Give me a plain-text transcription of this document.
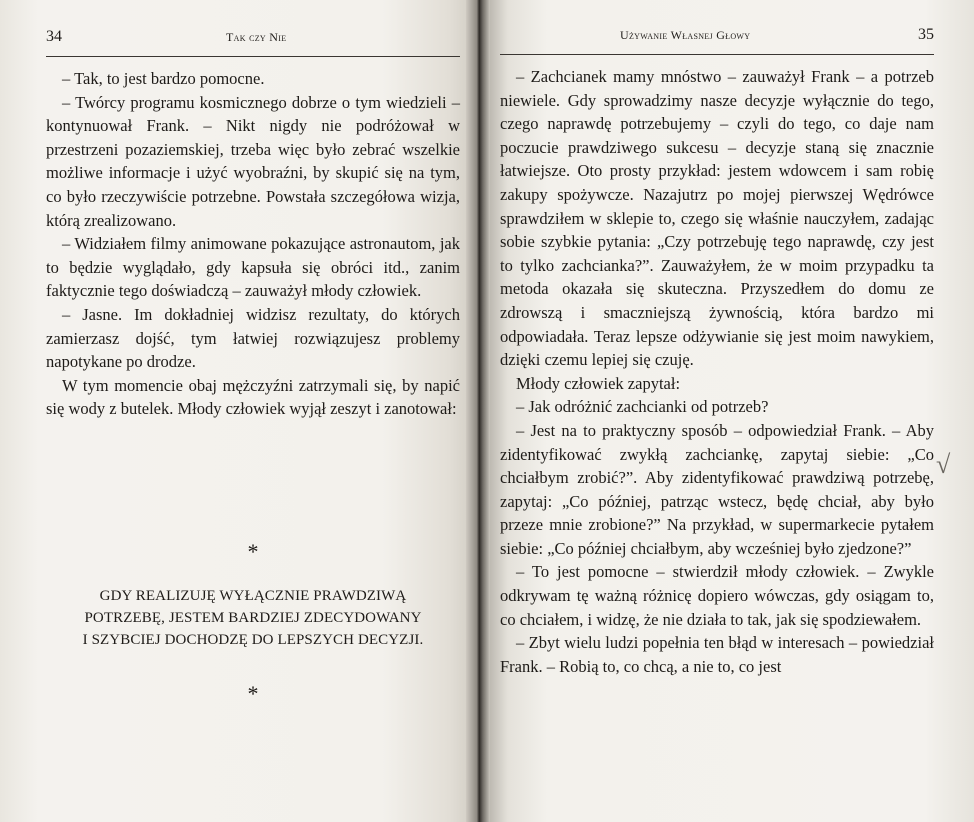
34	Tak czy Nie

– Tak, to jest bardzo pomocne.

– Twórcy programu kosmicznego dobrze o tym wiedzieli – kontynuował Frank. – Nikt nigdy nie podróżował w przestrzeni pozaziemskiej, trzeba więc było zebrać wszelkie możliwe informacje i użyć wyobraźni, by skupić się na tym, co było rzeczywiście potrzebne. Powstała szczegółowa wizja, którą zrealizowano.

– Widziałem filmy animowane pokazujące astronautom, jak to będzie wyglądało, gdy kapsuła się obróci itd., zanim faktycznie tego doświadczą – zauważył młody człowiek.

– Jasne. Im dokładniej widzisz rezultaty, do których zamierzasz dojść, tym łatwiej rozwiązujesz problemy napotykane po drodze.

W tym momencie obaj mężczyźni zatrzymali się, by napić się wody z butelek. Młody człowiek wyjął zeszyt i zanotował:

*
GDY REALIZUJĘ WYŁĄCZNIE PRAWDZIWĄ
POTRZEBĘ, JESTEM BARDZIEJ ZDECYDOWANY
I SZYBCIEJ DOCHODZĘ DO LEPSZYCH DECYZJI.
*
Używanie Własnej Głowy	35

– Zachcianek mamy mnóstwo – zauważył Frank – a potrzeb niewiele. Gdy sprowadzimy nasze decyzje wyłącznie do tego, czego naprawdę potrzebujemy – czyli do tego, co daje nam poczucie prawdziwego sukcesu – decyzje staną się znacznie łatwiejsze. Oto prosty przykład: jestem wdowcem i sam robię zakupy spożywcze. Nazajutrz po mojej pierwszej Wędrówce sprawdziłem w sklepie to, czego się właśnie nauczyłem, zadając sobie szybkie pytania: „Czy potrzebuję tego naprawdę, czy jest to tylko zachcianka?”. Zauważyłem, że w moim przypadku ta metoda okazała się skuteczna. Przyszedłem do domu ze zdrowszą i smaczniejszą żywnością, która bardzo mi odpowiadała. Teraz lepsze odżywianie się jest moim nawykiem, dzięki czemu lepiej się czuję.

Młody człowiek zapytał:

– Jak odróżnić zachcianki od potrzeb?

– Jest na to praktyczny sposób – odpowiedział Frank. – Aby zidentyfikować zwykłą zachciankę, zapytaj siebie: „Co chciałbym zrobić?”. Aby zidentyfikować prawdziwą potrzebę, zapytaj: „Co później, patrząc wstecz, będę chciał, aby było przeze mnie zrobione?” Na przykład, w supermarkecie pytałem siebie: „Co później chciałbym, aby wcześniej było zjedzone?”

– To jest pomocne – stwierdził młody człowiek. – Zwykle odkrywam tę ważną różnicę dopiero wówczas, gdy osiągam to, co chciałem, i widzę, że nie działa to tak, jak się spodziewałem.

– Zbyt wielu ludzi popełnia ten błąd w interesach – powiedział Frank. – Robią to, co chcą, a nie to, co jest

√
